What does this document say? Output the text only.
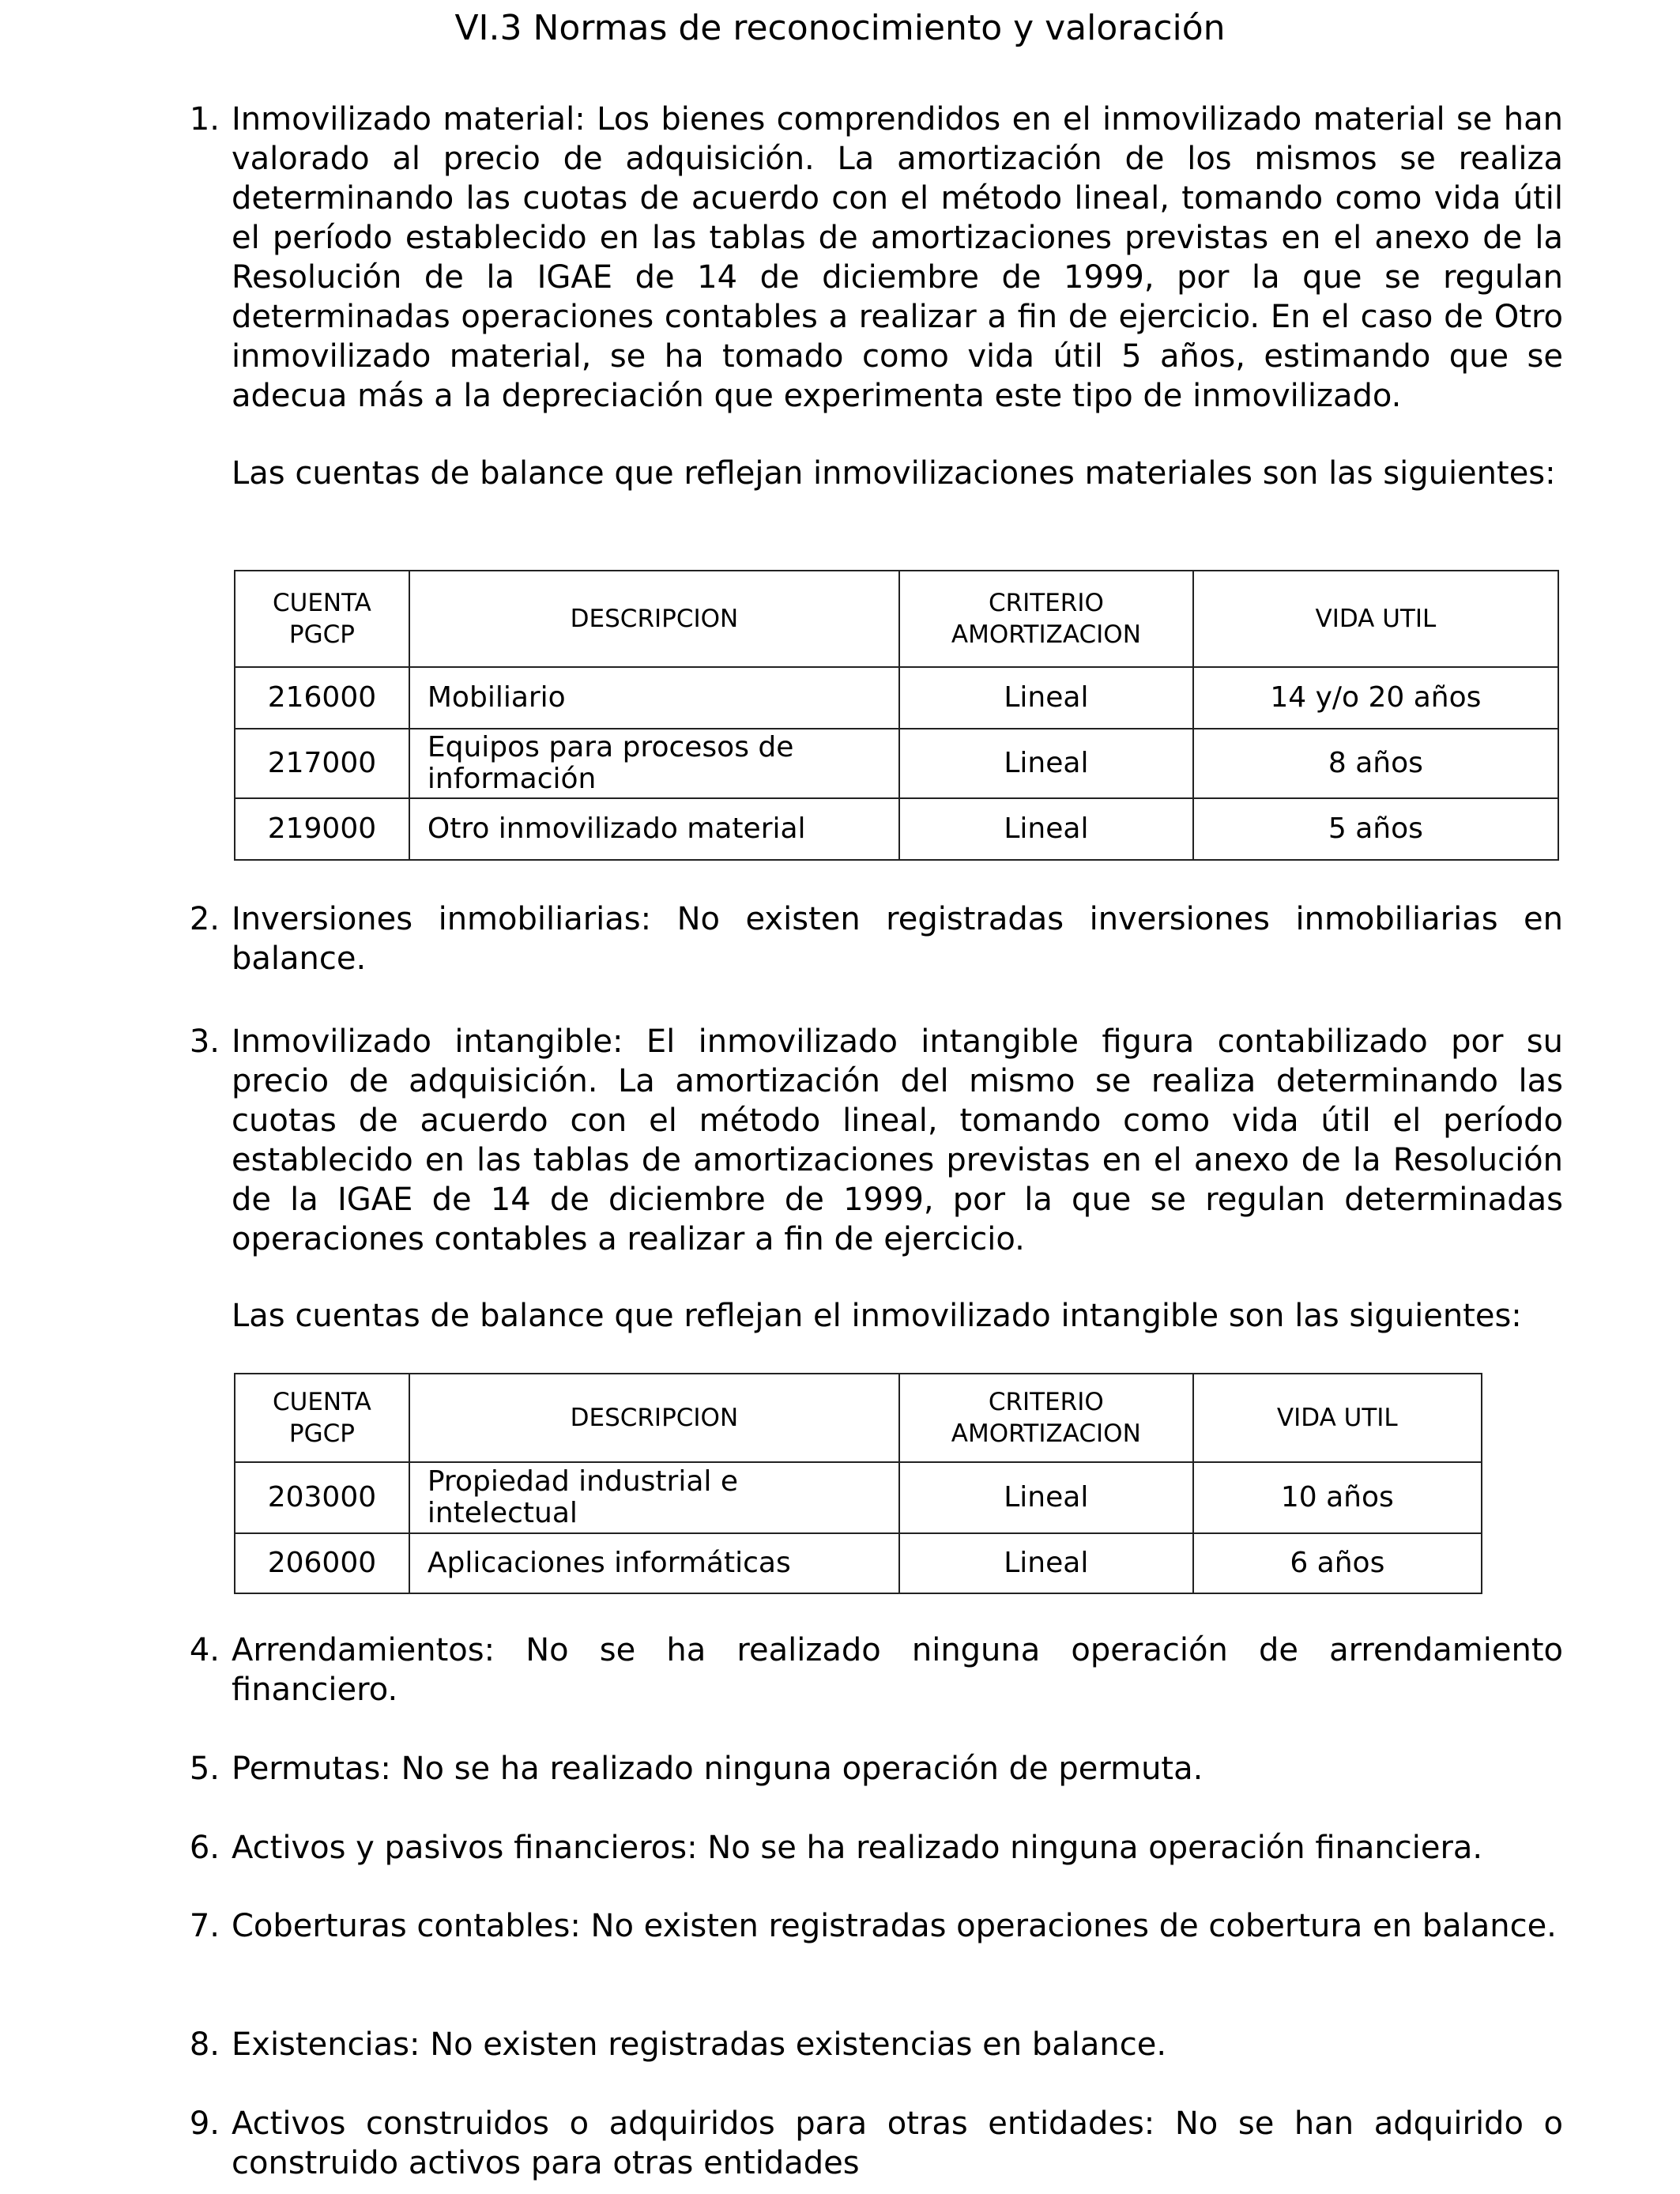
VI.3 Normas de reconocimiento y valoración
1. Inmovilizado material: Los bienes comprendidos en el inmovilizado material se han valorado al precio de adquisición. La amortización de los mismos se realiza determinando las cuotas de acuerdo con el método lineal, tomando como vida útil el período establecido en las tablas de amortizaciones previstas en el anexo de la Resolución de la IGAE de 14 de diciembre de 1999, por la que se regulan determinadas operaciones contables a realizar a fin de ejercicio. En el caso de Otro inmovilizado material, se ha tomado como vida útil 5 años, estimando que se adecua más a la depreciación que experimenta este tipo de inmovilizado.

Las cuentas de balance que reflejan inmovilizaciones materiales son las siguientes:

CUENTA PGCP	DESCRIPCION	CRITERIO AMORTIZACION	VIDA UTIL
216000	Mobiliario	Lineal	14 y/o 20 años
217000	Equipos para procesos de información	Lineal	8 años
219000	Otro inmovilizado material	Lineal	5 años
2. Inversiones inmobiliarias: No existen registradas inversiones inmobiliarias en balance.

3. Inmovilizado intangible: El inmovilizado intangible figura contabilizado por su precio de adquisición. La amortización del mismo se realiza determinando las cuotas de acuerdo con el método lineal, tomando como vida útil el período establecido en las tablas de amortizaciones previstas en el anexo de la Resolución de la IGAE de 14 de diciembre de 1999, por la que se regulan determinadas operaciones contables a realizar a fin de ejercicio.

Las cuentas de balance que reflejan el inmovilizado intangible son las siguientes:

CUENTA PGCP	DESCRIPCION	CRITERIO AMORTIZACION	VIDA UTIL
203000	Propiedad industrial e intelectual	Lineal	10 años
206000	Aplicaciones informáticas	Lineal	6 años
4. Arrendamientos: No se ha realizado ninguna operación de arrendamiento financiero.

5. Permutas: No se ha realizado ninguna operación de permuta.

6. Activos y pasivos financieros: No se ha realizado ninguna operación financiera.

7. Coberturas contables: No existen registradas operaciones de cobertura en balance.

8. Existencias: No existen registradas existencias en balance.

9. Activos construidos o adquiridos para otras entidades: No se han adquirido o construido activos para otras entidades
